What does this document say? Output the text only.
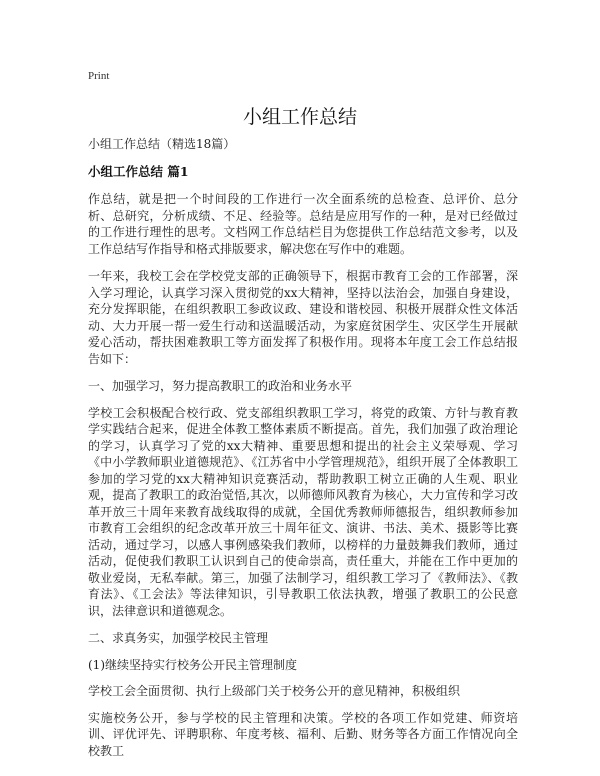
Print
小组工作总结

小组工作总结（精选18篇）

小组工作总结 篇1

作总结，就是把一个时间段的工作进行一次全面系统的总检查、总评价、总分析、总研究，分析成绩、不足、经验等。总结是应用写作的一种，是对已经做过的工作进行理性的思考。文档网工作总结栏目为您提供工作总结范文参考，以及工作总结写作指导和格式排版要求，解决您在写作中的难题。

一年来，我校工会在学校党支部的正确领导下，根据市教育工会的工作部署，深入学习理论，认真学习深入贯彻党的xx大精神，坚持以法治会，加强自身建设，充分发挥职能，在组织教职工参政议政、建设和谐校园、积极开展群众性文体活动、大力开展一帮一爱生行动和送温暖活动，为家庭贫困学生、灾区学生开展献爱心活动，帮扶困难教职工等方面发挥了积极作用。现将本年度工会工作总结报告如下：

一、加强学习，努力提高教职工的政治和业务水平

学校工会积极配合校行政、党支部组织教职工学习，将党的政策、方针与教育教学实践结合起来，促进全体教工整体素质不断提高。首先，我们加强了政治理论的学习，认真学习了党的xx大精神、重要思想和提出的社会主义荣辱观、学习《中小学教师职业道德规范》、《江苏省中小学管理规范》，组织开展了全体教职工参加的学习党的xx大精神知识竞赛活动，帮助教职工树立正确的人生观、职业观，提高了教职工的政治觉悟,其次，以师德师风教育为核心，大力宣传和学习改革开放三十周年来教育战线取得的成就，全国优秀教师师德报告，组织教师参加市教育工会组织的纪念改革开放三十周年征文、演讲、书法、美术、摄影等比赛活动，通过学习，以感人事例感染我们教师，以榜样的力量鼓舞我们教师，通过活动，促使我们教职工认识到自己的使命崇高，责任重大，并能在工作中更加的敬业爱岗，无私奉献。第三，加强了法制学习，组织教工学习了《教师法》、《教育法》、《工会法》等法律知识，引导教职工依法执教，增强了教职工的公民意识，法律意识和道德观念。

二、求真务实，加强学校民主管理

(1)继续坚持实行校务公开民主管理制度

学校工会全面贯彻、执行上级部门关于校务公开的意见精神，积极组织

实施校务公开，参与学校的民主管理和决策。学校的各项工作如党建、师资培训、评优评先、评聘职称、年度考核、福利、后勤、财务等各方面工作情况向全校教工
